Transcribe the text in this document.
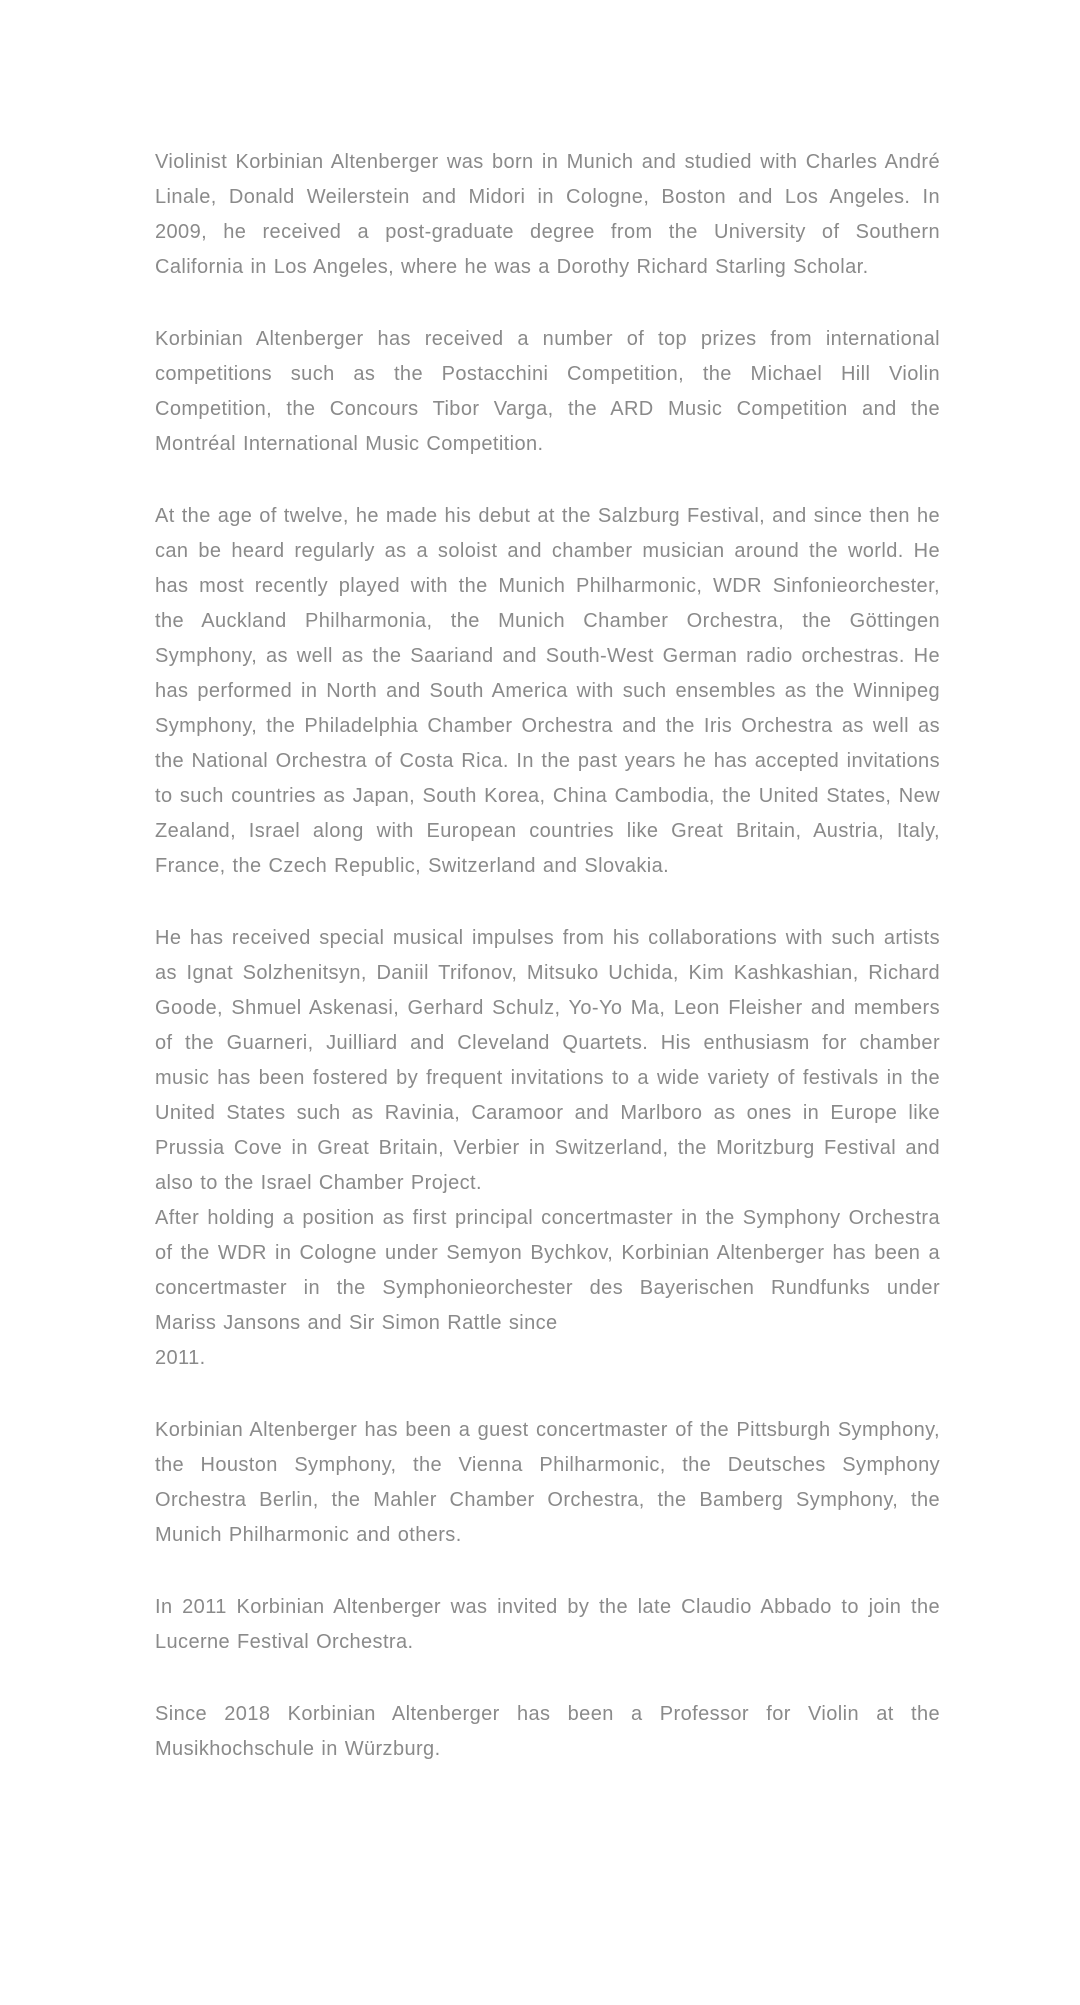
Violinist Korbinian Altenberger was born in Munich and studied with Charles André Linale, Donald Weilerstein and Midori in Cologne, Boston and Los Angeles. In 2009, he received a post-graduate degree from the University of Southern California in Los Angeles, where he was a Dorothy Richard Starling Scholar.

Korbinian Altenberger has received a number of top prizes from international competitions such as the Postacchini Competition, the Michael Hill Violin Competition, the Concours Tibor Varga, the ARD Music Competition and the Montréal International Music Competition.

At the age of twelve, he made his debut at the Salzburg Festival, and since then he can be heard regularly as a soloist and chamber musician around the world. He has most recently played with the Munich Philharmonic, WDR Sinfonieorchester, the Auckland Philharmonia, the Munich Chamber Orchestra, the Göttingen Symphony, as well as the Saariand and South-West German radio orchestras. He has performed in North and South America with such ensembles as the Winnipeg Symphony, the Philadelphia Chamber Orchestra and the Iris Orchestra as well as the National Orchestra of Costa Rica. In the past years he has accepted invitations to such countries as Japan, South Korea, China Cambodia, the United States, New Zealand, Israel along with European countries like Great Britain, Austria, Italy, France, the Czech Republic, Switzerland and Slovakia.

He has received special musical impulses from his collaborations with such artists as Ignat Solzhenitsyn, Daniil Trifonov, Mitsuko Uchida, Kim Kashkashian, Richard Goode, Shmuel Askenasi, Gerhard Schulz, Yo-Yo Ma, Leon Fleisher and members of the Guarneri, Juilliard and Cleveland Quartets. His enthusiasm for chamber music has been fostered by frequent invitations to a wide variety of festivals in the United States such as Ravinia, Caramoor and Marlboro as ones in Europe like Prussia Cove in Great Britain, Verbier in Switzerland, the Moritzburg Festival and also to the Israel Chamber Project.
After holding a position as first principal concertmaster in the Symphony Orchestra of the WDR in Cologne under Semyon Bychkov, Korbinian Altenberger has been a concertmaster in the Symphonieorchester des Bayerischen Rundfunks under Mariss Jansons and Sir Simon Rattle since
2011.

Korbinian Altenberger has been a guest concertmaster of the Pittsburgh Symphony, the Houston Symphony, the Vienna Philharmonic, the Deutsches Symphony Orchestra Berlin, the Mahler Chamber Orchestra, the Bamberg Symphony, the Munich Philharmonic and others.

In 2011 Korbinian Altenberger was invited by the late Claudio Abbado to join the Lucerne Festival Orchestra.

Since 2018 Korbinian Altenberger has been a Professor for Violin at the Musikhochschule in Würzburg.
